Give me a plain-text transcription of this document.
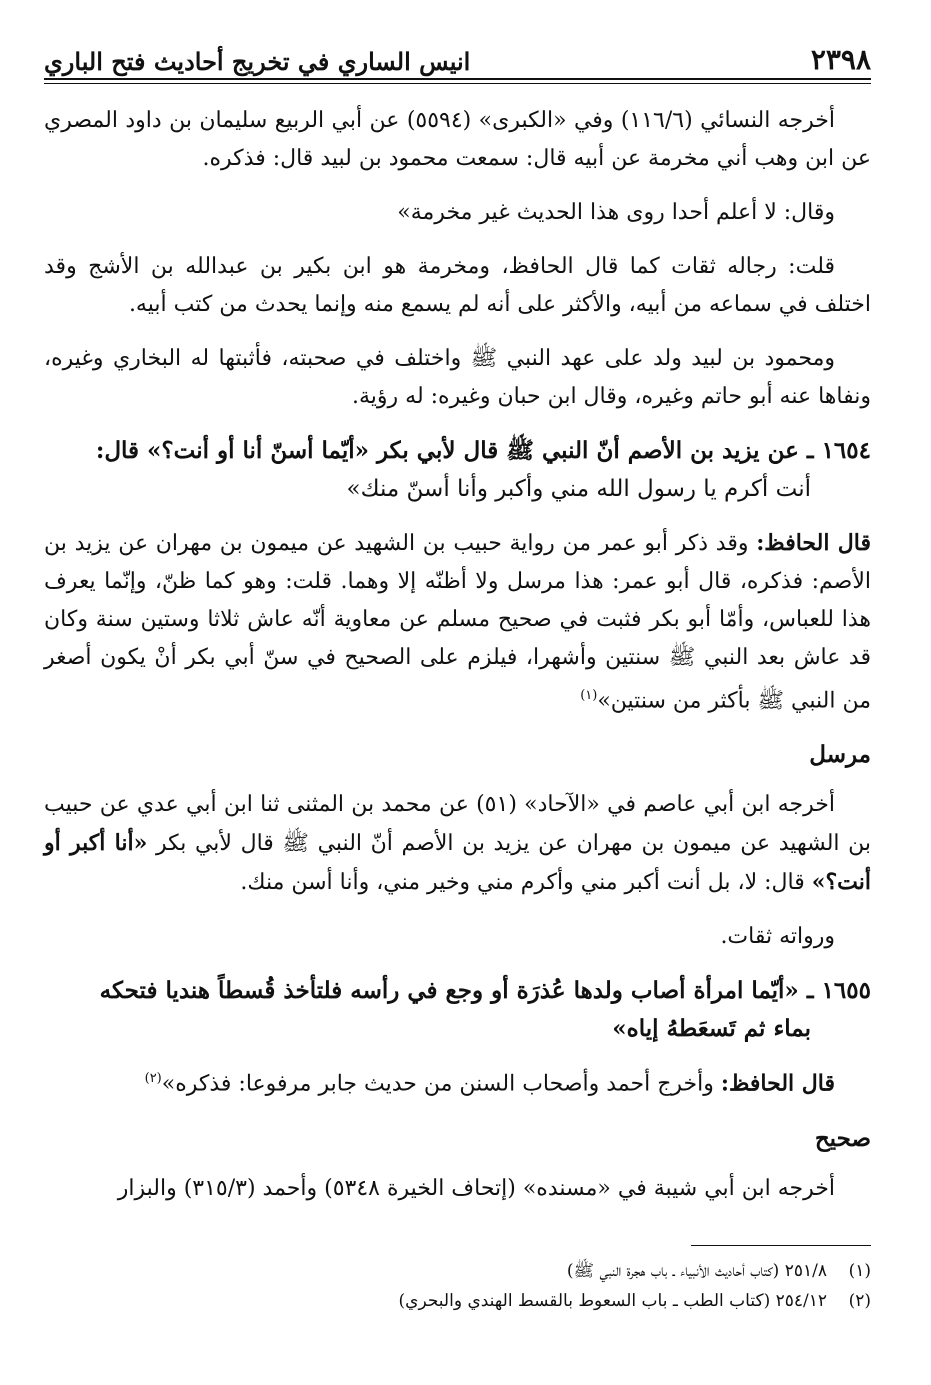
٢٣٩٨
انيس الساري في تخريج أحاديث فتح الباري

أخرجه النسائي (١١٦/٦) وفي «الكبرى» (٥٥٩٤) عن أبي الربيع سليمان بن داود المصري عن ابن وهب أني مخرمة عن أبيه قال: سمعت محمود بن لبيد قال: فذكره.

وقال: لا أعلم أحدا روى هذا الحديث غير مخرمة»

قلت: رجاله ثقات كما قال الحافظ، ومخرمة هو ابن بكير بن عبدالله بن الأشج وقد اختلف في سماعه من أبيه، والأكثر على أنه لم يسمع منه وإنما يحدث من كتب أبيه.

ومحمود بن لبيد ولد على عهد النبي ﷺ واختلف في صحبته، فأثبتها له البخاري وغيره، ونفاها عنه أبو حاتم وغيره، وقال ابن حبان وغيره: له رؤية.

١٦٥٤ ـ عن يزيد بن الأصم أنّ النبي ﷺ قال لأبي بكر «أيّما أسنّ أنا أو أنت؟» قال:
أنت أكرم يا رسول الله مني وأكبر وأنا أسنّ منك»

قال الحافظ: وقد ذكر أبو عمر من رواية حبيب بن الشهيد عن ميمون بن مهران عن يزيد بن الأصم: فذكره، قال أبو عمر: هذا مرسل ولا أظنّه إلا وهما. قلت: وهو كما ظنّ، وإنّما يعرف هذا للعباس، وأمّا أبو بكر فثبت في صحيح مسلم عن معاوية أنّه عاش ثلاثا وستين سنة وكان قد عاش بعد النبي ﷺ سنتين وأشهرا، فيلزم على الصحيح في سنّ أبي بكر أنْ يكون أصغر من النبي ﷺ بأكثر من سنتين»$^{(١)}$

مرسل

أخرجه ابن أبي عاصم في «الآحاد» (٥١) عن محمد بن المثنى ثنا ابن أبي عدي عن حبيب بن الشهيد عن ميمون بن مهران عن يزيد بن الأصم أنّ النبي ﷺ قال لأبي بكر «أنا أكبر أو أنت؟» قال: لا، بل أنت أكبر مني وأكرم مني وخير مني، وأنا أسن منك.

ورواته ثقات.

١٦٥٥ ـ «أيّما امرأة أصاب ولدها عُذرَة أو وجع في رأسه فلتأخذ قُسطاً هنديا فتحكه
بماء ثم تَسعَطهُ إياه»

قال الحافظ: وأخرج أحمد وأصحاب السنن من حديث جابر مرفوعا: فذكره»$^{(٢)}$

صحيح

أخرجه ابن أبي شيبة في «مسنده» (إتحاف الخيرة ٥٣٤٨) وأحمد (٣١٥/٣) والبزار

(١)٢٥١/٨ (كتاب أحاديث الأنبياء ـ باب هجرة النبي ﷺ)
(٢)٢٥٤/١٢ (كتاب الطب ـ باب السعوط بالقسط الهندي والبحري)
